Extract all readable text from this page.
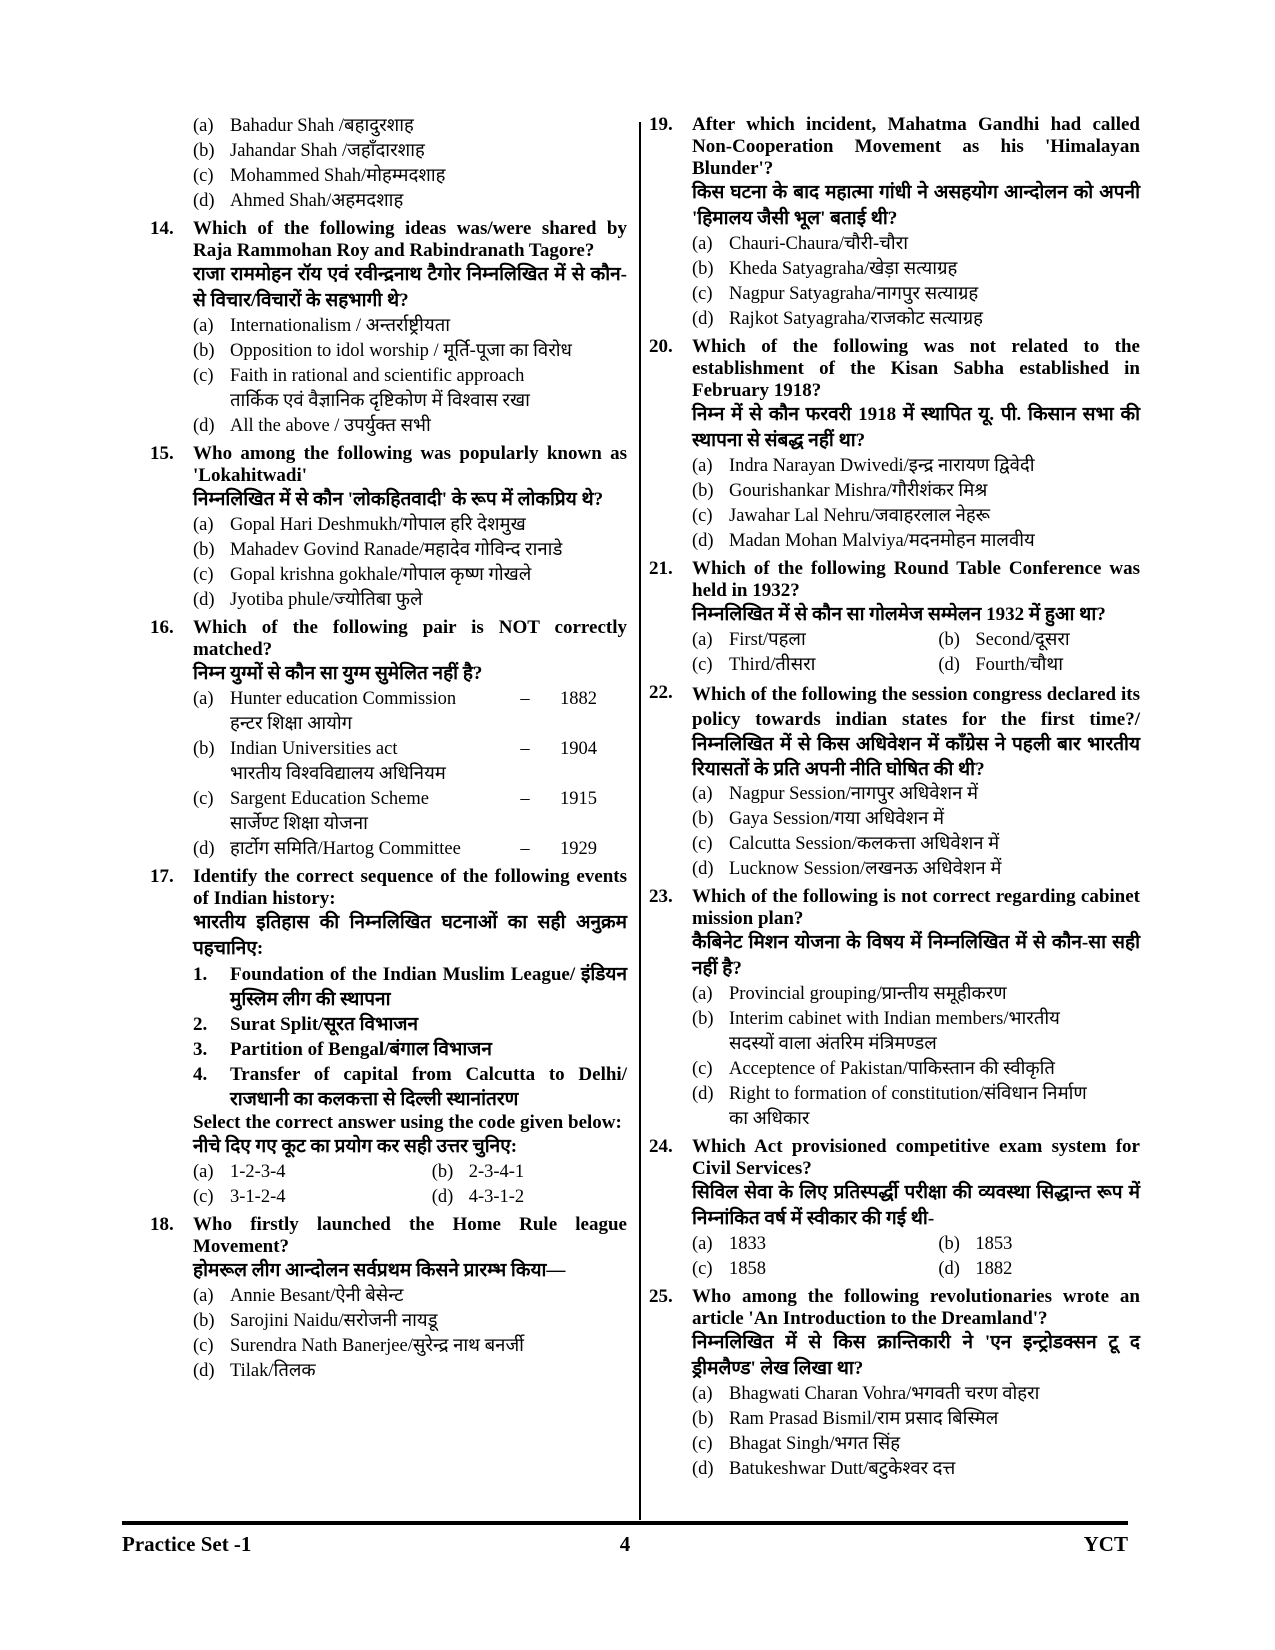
(a) Bahadur Shah /बहादुरशाह
(b) Jahandar Shah /जहाँदारशाह
(c) Mohammed Shah/मोहम्मदशाह
(d) Ahmed Shah/अहमदशाह
14.	Which of the following ideas was/were shared by Raja Rammohan Roy and Rabindranath Tagore?
राजा राममोहन रॉय एवं रवीन्द्रनाथ टैगोर निम्नलिखित में से कौन-से विचार/विचारों के सहभागी थे?
(a) Internationalism / अन्तर्राष्ट्रीयता
(b) Opposition to idol worship / मूर्ति-पूजा का विरोध
(c) Faith in rational and scientific approach
तार्किक एवं वैज्ञानिक दृष्टिकोण में विश्वास रखा
(d) All the above / उपर्युक्त सभी
15.	Who among the following was popularly known as 'Lokahitwadi'
निम्नलिखित में से कौन 'लोकहितवादी' के रूप में लोकप्रिय थे?
(a) Gopal Hari Deshmukh/गोपाल हरि देशमुख
(b) Mahadev Govind Ranade/महादेव गोविन्द रानाडे
(c) Gopal krishna gokhale/गोपाल कृष्ण गोखले
(d) Jyotiba phule/ज्योतिबा फुले
16.	Which of the following pair is NOT correctly matched?
निम्न युग्मों से कौन सा युग्म सुमेलित नहीं है?
(a) Hunter education Commission	–	1882
हन्टर शिक्षा आयोग
(b) Indian Universities act	–	1904
भारतीय विश्वविद्यालय अधिनियम
(c) Sargent Education Scheme	–	1915
सार्जेण्ट शिक्षा योजना
(d) हार्टोग समिति/Hartog Committee	–	1929
17.	Identify the correct sequence of the following events of Indian history:
भारतीय इतिहास की निम्नलिखित घटनाओं का सही अनुक्रम पहचानिए:
1.	Foundation of the Indian Muslim League/ इंडियन मुस्लिम लीग की स्थापना
2.	Surat Split/सूरत विभाजन
3.	Partition of Bengal/बंगाल विभाजन
4.	Transfer of capital from Calcutta to Delhi/ राजधानी का कलकत्ता से दिल्ली स्थानांतरण
Select the correct answer using the code given below:
नीचे दिए गए कूट का प्रयोग कर सही उत्तर चुनिए:
(a) 1-2-3-4	(b) 2-3-4-1
(c) 3-1-2-4	(d) 4-3-1-2
18.	Who firstly launched the Home Rule league Movement?
होमरूल लीग आन्दोलन सर्वप्रथम किसने प्रारम्भ किया—
(a) Annie Besant/ऐनी बेसेन्ट
(b) Sarojini Naidu/सरोजनी नायडू
(c) Surendra Nath Banerjee/सुरेन्द्र नाथ बनर्जी
(d) Tilak/तिलक
19.	After which incident, Mahatma Gandhi had called Non-Cooperation Movement as his 'Himalayan Blunder'?
किस घटना के बाद महात्मा गांधी ने असहयोग आन्दोलन को अपनी 'हिमालय जैसी भूल' बताई थी?
(a) Chauri-Chaura/चौरी-चौरा
(b) Kheda Satyagraha/खेड़ा सत्याग्रह
(c) Nagpur Satyagraha/नागपुर सत्याग्रह
(d) Rajkot Satyagraha/राजकोट सत्याग्रह
20.	Which of the following was not related to the establishment of the Kisan Sabha established in February 1918?
निम्न में से कौन फरवरी 1918 में स्थापित यू. पी. किसान सभा की स्थापना से संबद्ध नहीं था?
(a) Indra Narayan Dwivedi/इन्द्र नारायण द्विवेदी
(b) Gourishankar Mishra/गौरीशंकर मिश्र
(c) Jawahar Lal Nehru/जवाहरलाल नेहरू
(d) Madan Mohan Malviya/मदनमोहन मालवीय
21.	Which of the following Round Table Conference was held in 1932?
निम्नलिखित में से कौन सा गोलमेज सम्मेलन 1932 में हुआ था?
(a) First/पहला	(b) Second/दूसरा
(c) Third/तीसरा	(d) Fourth/चौथा
22.	Which of the following the session congress declared its policy towards indian states for the first time?/निम्नलिखित में से किस अधिवेशन में काँग्रेस ने पहली बार भारतीय रियासतों के प्रति अपनी नीति घोषित की थी?
(a) Nagpur Session/नागपुर अधिवेशन में
(b) Gaya Session/गया अधिवेशन में
(c) Calcutta Session/कलकत्ता अधिवेशन में
(d) Lucknow Session/लखनऊ अधिवेशन में
23.	Which of the following is not correct regarding cabinet mission plan?
कैबिनेट मिशन योजना के विषय में निम्नलिखित में से कौन-सा सही नहीं है?
(a) Provincial grouping/प्रान्तीय समूहीकरण
(b) Interim cabinet with Indian members/भारतीय
सदस्यों वाला अंतरिम मंत्रिमण्डल
(c) Acceptence of Pakistan/पाकिस्तान की स्वीकृति
(d) Right to formation of constitution/संविधान निर्माण
का अधिकार
24.	Which Act provisioned competitive exam system for Civil Services?
सिविल सेवा के लिए प्रतिस्पर्द्धी परीक्षा की व्यवस्था सिद्धान्त रूप में निम्नांकित वर्ष में स्वीकार की गई थी-
(a) 1833	(b) 1853
(c) 1858	(d) 1882
25.	Who among the following revolutionaries wrote an article 'An Introduction to the Dreamland'?
निम्नलिखित में से किस क्रान्तिकारी ने 'एन इन्ट्रोडक्सन टू द ड्रीमलैण्ड' लेख लिखा था?
(a) Bhagwati Charan Vohra/भगवती चरण वोहरा
(b) Ram Prasad Bismil/राम प्रसाद बिस्मिल
(c) Bhagat Singh/भगत सिंह
(d) Batukeshwar Dutt/बटुकेश्वर दत्त
Practice Set -1	4	YCT
